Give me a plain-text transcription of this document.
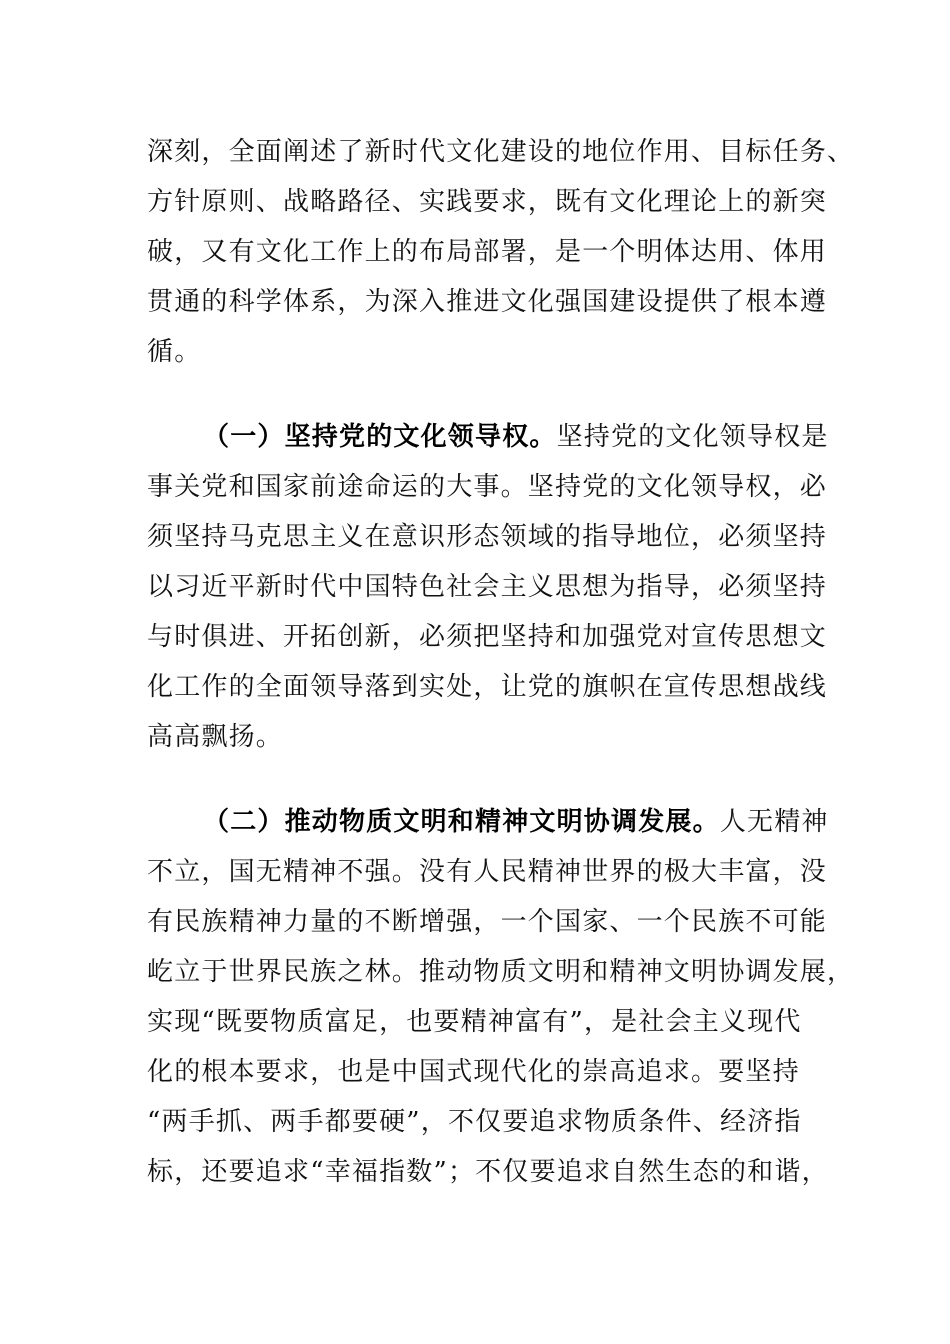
深刻，全面阐述了新时代文化建设的地位作用、目标任务、
方针原则、战略路径、实践要求，既有文化理论上的新突
破，又有文化工作上的布局部署，是一个明体达用、体用
贯通的科学体系，为深入推进文化强国建设提供了根本遵
循。

（一）坚持党的文化领导权。坚持党的文化领导权是
事关党和国家前途命运的大事。坚持党的文化领导权，必
须坚持马克思主义在意识形态领域的指导地位，必须坚持
以习近平新时代中国特色社会主义思想为指导，必须坚持
与时俱进、开拓创新，必须把坚持和加强党对宣传思想文
化工作的全面领导落到实处，让党的旗帜在宣传思想战线
高高飘扬。

（二）推动物质文明和精神文明协调发展。人无精神
不立，国无精神不强。没有人民精神世界的极大丰富，没
有民族精神力量的不断增强，一个国家、一个民族不可能
屹立于世界民族之林。推动物质文明和精神文明协调发展，
实现“既要物质富足，也要精神富有”，是社会主义现代
化的根本要求，也是中国式现代化的崇高追求。要坚持
“两手抓、两手都要硬”，不仅要追求物质条件、经济指
标，还要追求“幸福指数”；不仅要追求自然生态的和谐，
